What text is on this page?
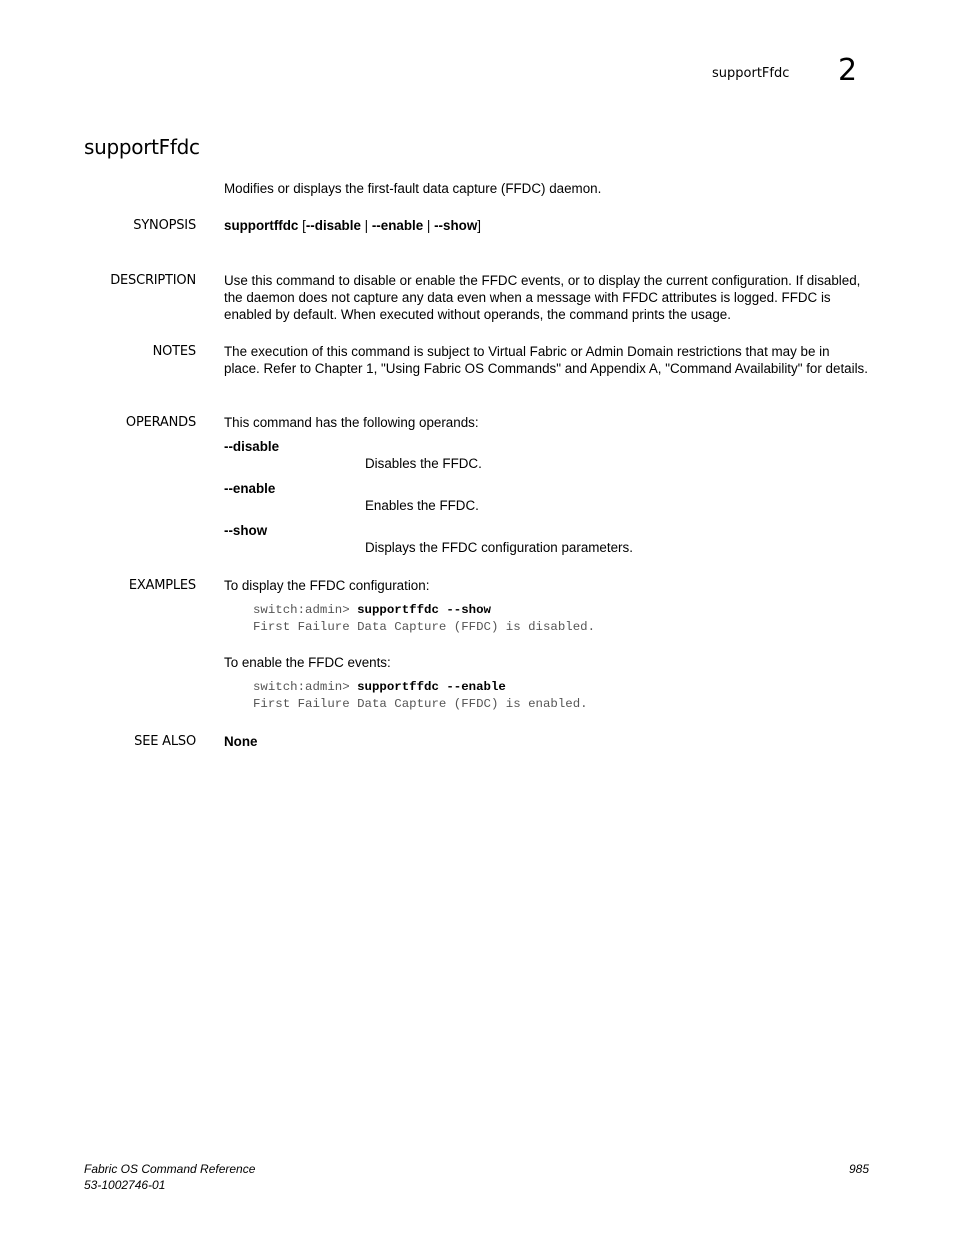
supportFfdc 2
supportFfdc
Modifies or displays the first-fault data capture (FFDC) daemon.
SYNOPSIS supportffdc [--disable | --enable | --show]
DESCRIPTION Use this command to disable or enable the FFDC events, or to display the current configuration. If disabled, the daemon does not capture any data even when a message with FFDC attributes is logged. FFDC is enabled by default. When executed without operands, the command prints the usage.
NOTES The execution of this command is subject to Virtual Fabric or Admin Domain restrictions that may be in place. Refer to Chapter 1, "Using Fabric OS Commands" and Appendix A, "Command Availability" for details.
OPERANDS This command has the following operands:
--disable
Disables the FFDC.
--enable
Enables the FFDC.
--show
Displays the FFDC configuration parameters.
EXAMPLES To display the FFDC configuration:
switch:admin> supportffdc --show
First Failure Data Capture (FFDC) is disabled.
To enable the FFDC events:
switch:admin> supportffdc --enable
First Failure Data Capture (FFDC) is enabled.
SEE ALSO None
Fabric OS Command Reference
53-1002746-01
985
